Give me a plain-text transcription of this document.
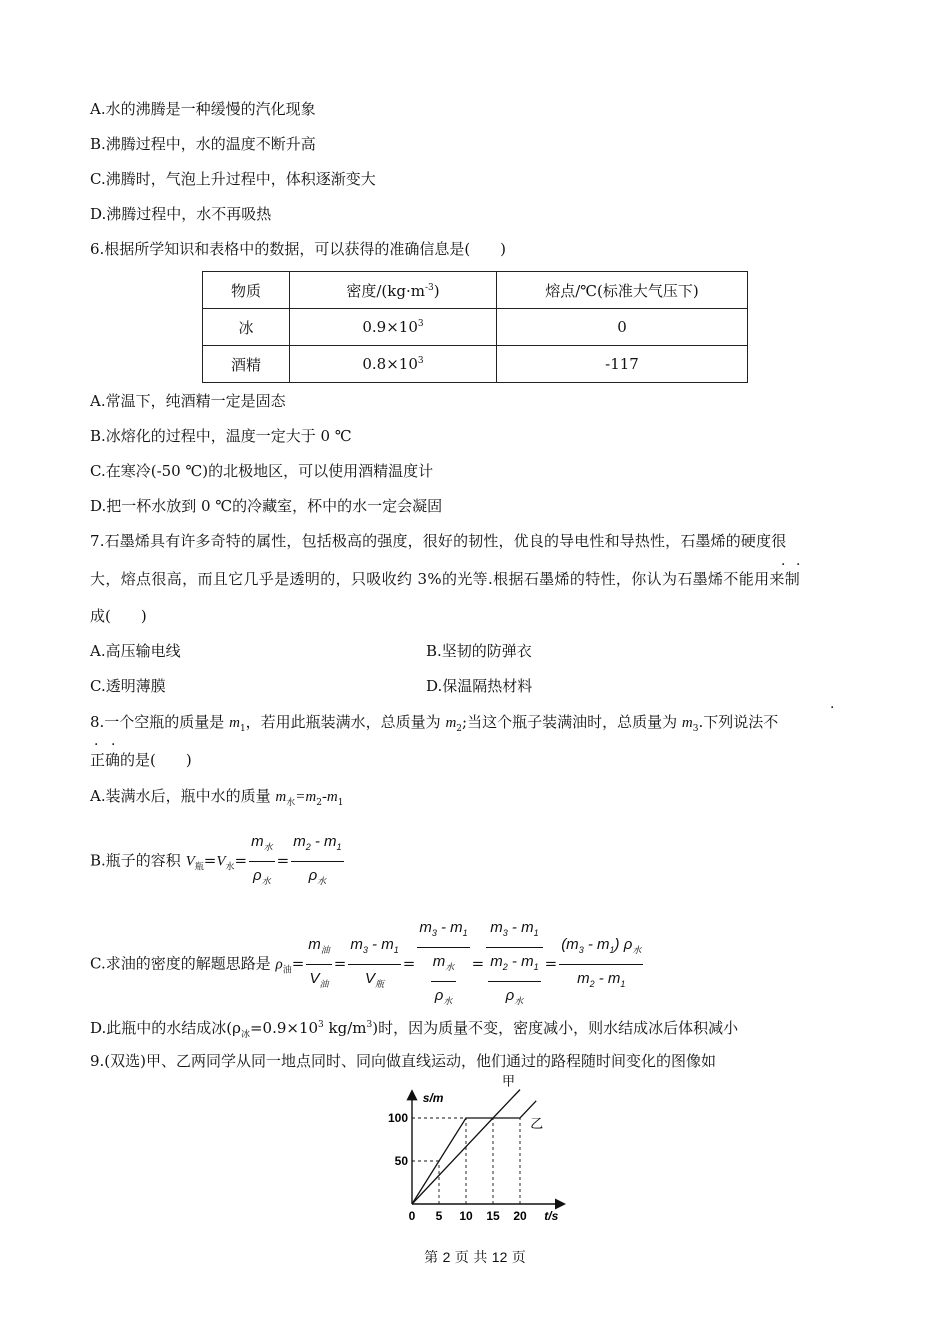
A.水的沸腾是一种缓慢的汽化现象
B.沸腾过程中，水的温度不断升高
C.沸腾时，气泡上升过程中，体积逐渐变大
D.沸腾过程中，水不再吸热
6.根据所学知识和表格中的数据，可以获得的准确信息是(　　)
物质	密度$/(kg\cdot m^{-3})$	熔点/℃(标准大气压下)
冰	$0.9\times 10^3$	0
酒精	$0.8\times 10^3$	-117
A.常温下，纯酒精一定是固态
B.冰熔化的过程中，温度一定大于 0 ℃
C.在寒冷(-50 ℃)的北极地区，可以使用酒精温度计
D.把一杯水放到 0 ℃的冷藏室，杯中的水一定会凝固
7.石墨烯具有许多奇特的属性，包括极高的强度，很好的韧性，优良的导电性和导热性，石墨烯的硬度很
· ·
大，熔点很高，而且它几乎是透明的，只吸收约 3%的光等.根据石墨烯的特性，你认为石墨烯不能用来制
成(　　)
A.高压输电线	B.坚韧的防弹衣
C.透明薄膜	D.保温隔热材料
·
8.一个空瓶的质量是 $m_1$，若用此瓶装满水，总质量为 $m_2$;当这个瓶子装满油时，总质量为 $m_3$.下列说法不
· ·
正确的是(　　)
A.装满水后，瓶中水的质量 $m_水=m_2-m_1$
B.瓶子的容积 $V_瓶=V_水= \frac{m_水}{\rho_水} = \frac{m_2 - m_1}{\rho_水}$
C.求油的密度的解题思路是 $\rho_油= \frac{m_油}{V_油} = \frac{m_3 - m_1}{V_瓶} = \frac{m_3 - m_1}{\frac{m_水}{\rho_水}} = \frac{m_3 - m_1}{\frac{m_2 - m_1}{\rho_水}} = \frac{(m_3 - m_1) \rho_水}{m_2 - m_1}$
D.此瓶中的水结成冰($\rho_冰=0.9\times 10^3$ $kg/m^3$)时，因为质量不变，密度减小，则水结成冰后体积减小
9.(双选)甲、乙两同学从同一地点同时、同向做直线运动，他们通过的路程随时间变化的图像如
s/m
t/s
0 5 10 15 20
50
100
甲
乙
第 2 页 共 12 页
